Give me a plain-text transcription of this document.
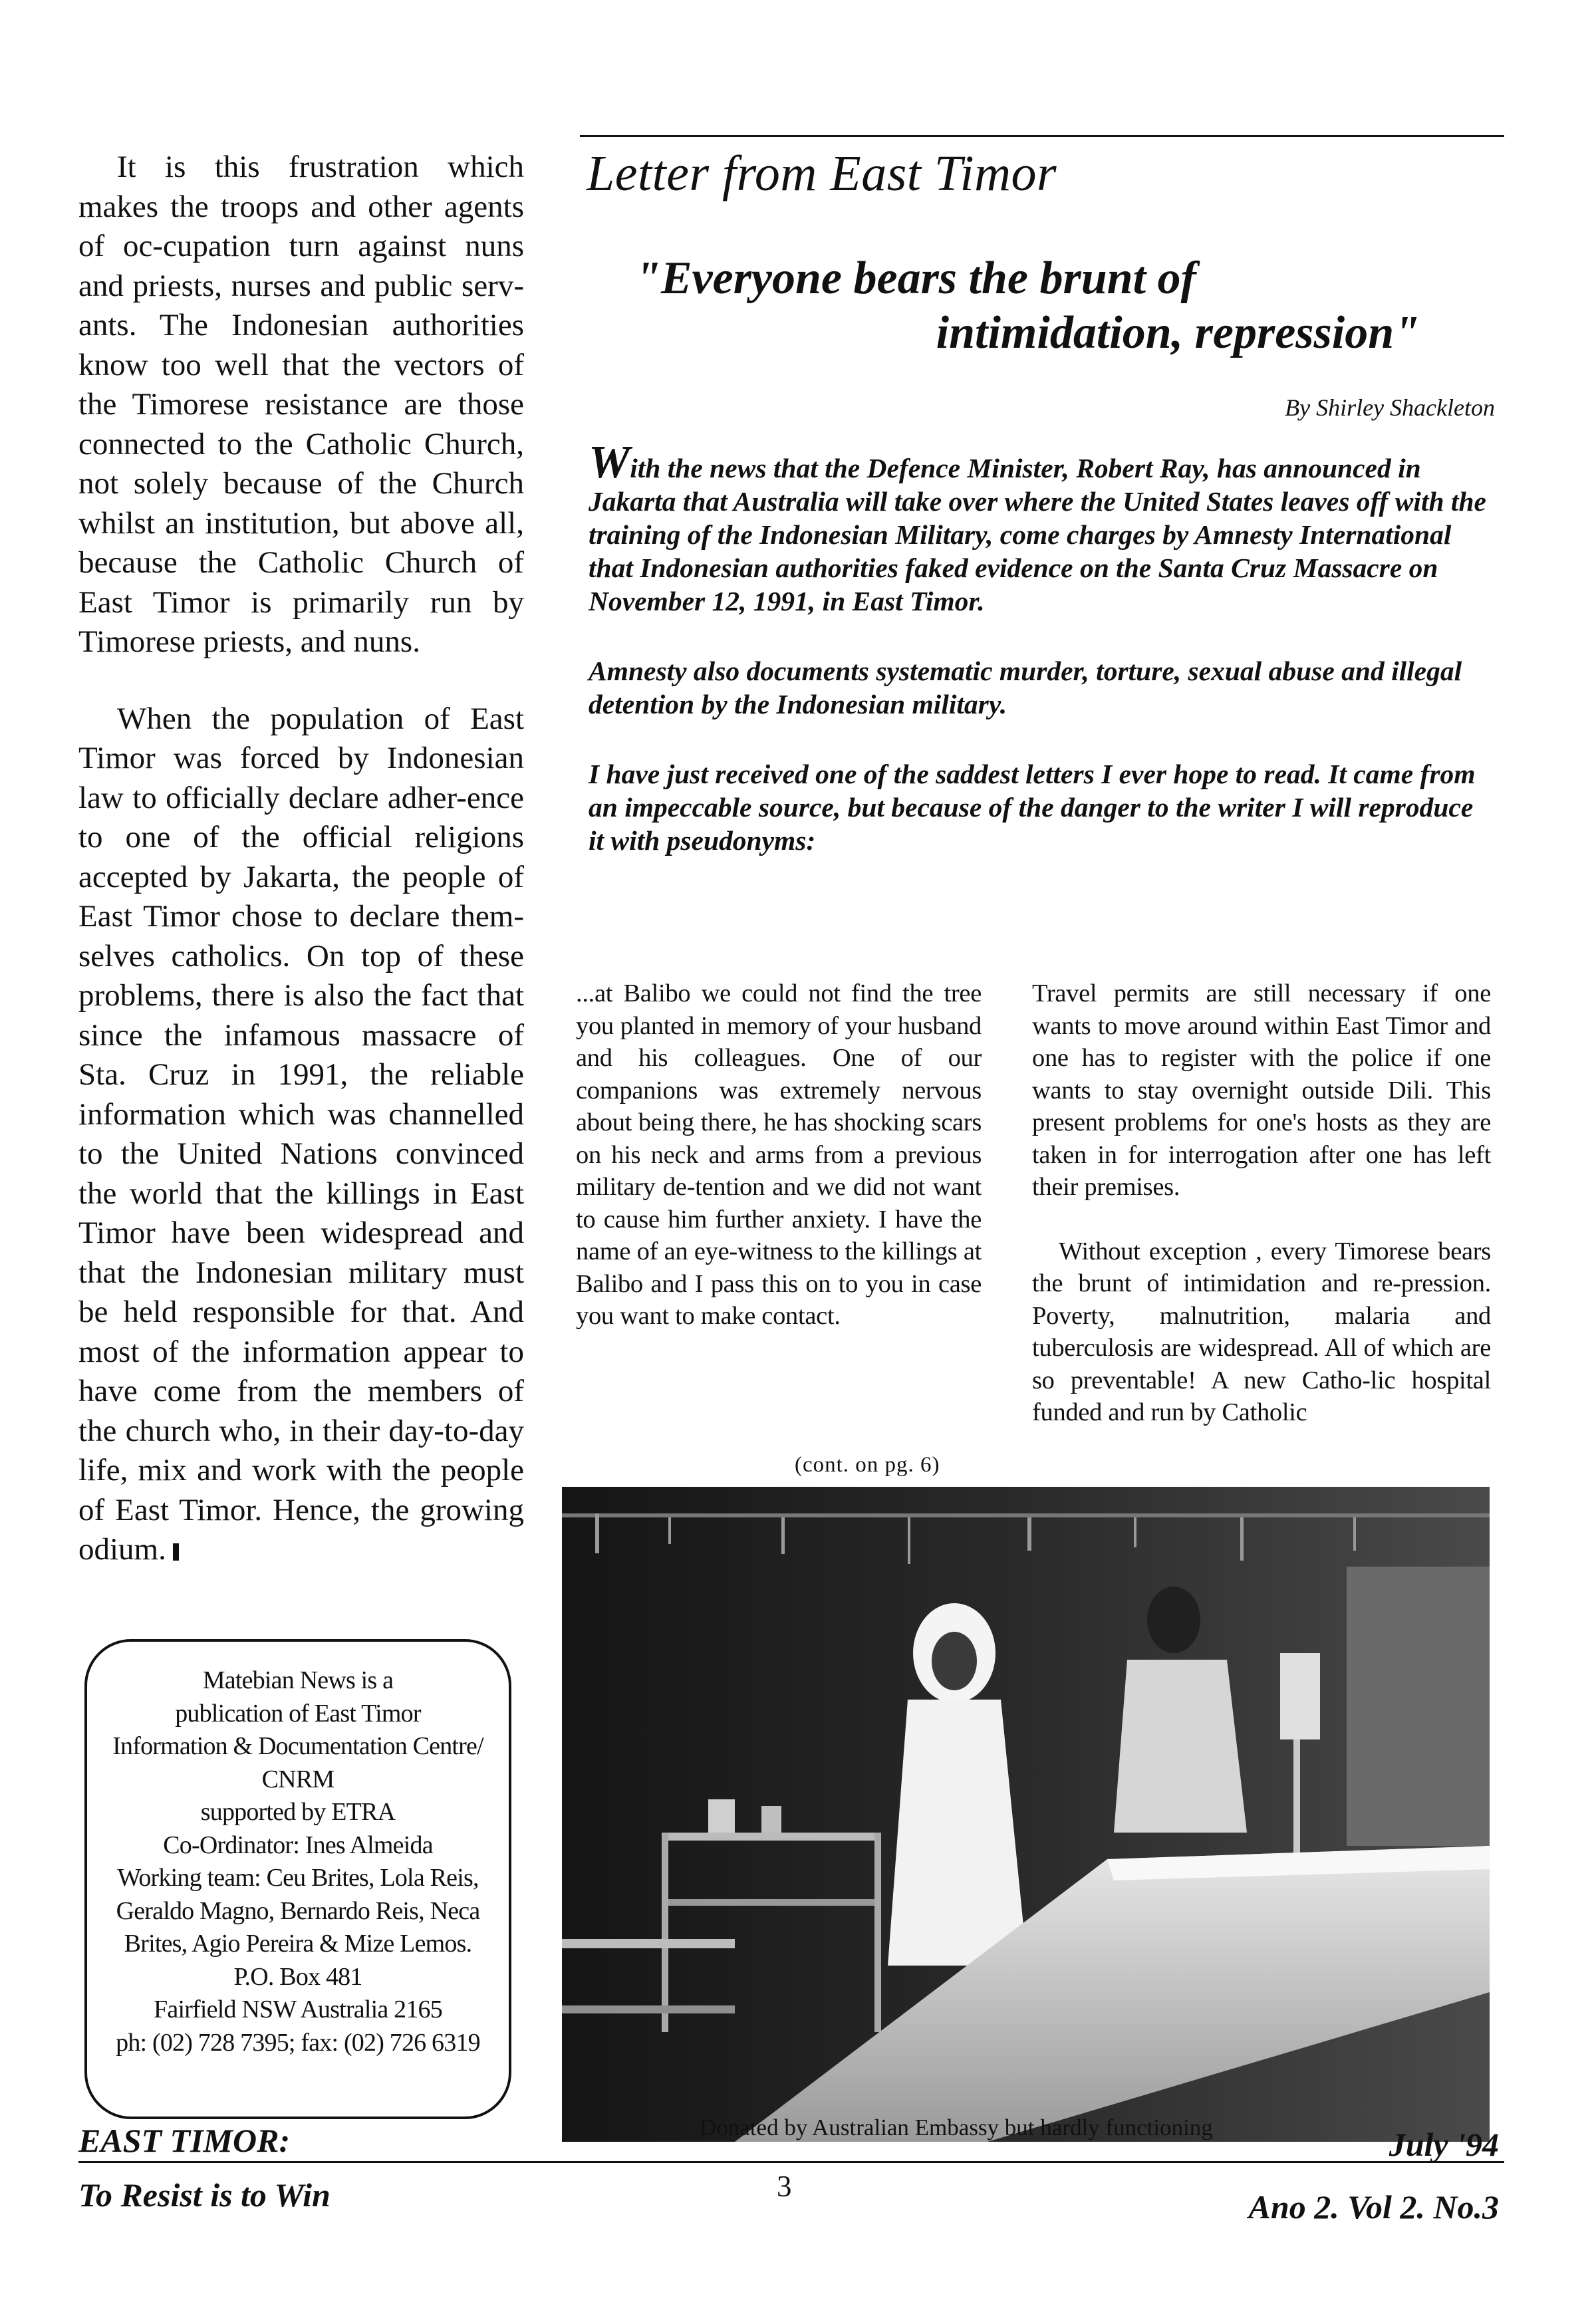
It is this frustration which makes the troops and other agents of oc-cupation turn against nuns and priests, nurses and public serv-ants. The Indonesian authorities know too well that the vectors of the Timorese resistance are those connected to the Catholic Church, not solely because of the Church whilst an institution, but above all, because the Catholic Church of East Timor is primarily run by Timorese priests, and nuns.

When the population of East Timor was forced by Indonesian law to officially declare adher-ence to one of the official religions accepted by Jakarta, the people of East Timor chose to declare them-selves catholics. On top of these problems, there is also the fact that since the infamous massacre of Sta. Cruz in 1991, the reliable information which was channelled to the United Nations convinced the world that the killings in East Timor have been widespread and that the Indonesian military must be held responsible for that. And most of the information appear to have come from the members of the church who, in their day-to-day life, mix and work with the people of East Timor. Hence, the growing odium.

Matebian News is a
publication of East Timor
Information & Documentation Centre/
CNRM
supported by ETRA
Co-Ordinator: Ines Almeida
Working team: Ceu Brites, Lola Reis,
Geraldo Magno, Bernardo Reis, Neca
Brites, Agio Pereira & Mize Lemos.
P.O. Box 481
Fairfield NSW Australia 2165
ph: (02) 728 7395; fax: (02) 726 6319
Letter from East Timor
"Everyone bears the brunt of
intimidation, repression"
By Shirley Shackleton

With the news that the Defence Minister, Robert Ray, has announced in Jakarta that Australia will take over where the United States leaves off with the training of the Indonesian Military, come charges by Amnesty International that Indonesian authorities faked evidence on the Santa Cruz Massacre on November 12, 1991, in East Timor.

Amnesty also documents systematic murder, torture, sexual abuse and illegal detention by the Indonesian military.

I have just received one of the saddest letters I ever hope to read. It came from an impeccable source, but because of the danger to the writer I will reproduce it with pseudonyms:

...at Balibo we could not find the tree you planted in memory of your husband and his colleagues. One of our companions was extremely nervous about being there, he has shocking scars on his neck and arms from a previous military de-tention and we did not want to cause him further anxiety. I have the name of an eye-witness to the killings at Balibo and I pass this on to you in case you want to make contact.

(cont. on pg. 6)

Travel permits are still necessary if one wants to move around within East Timor and one has to register with the police if one wants to stay overnight outside Dili. This present problems for one's hosts as they are taken in for interrogation after one has left their premises.

Without exception , every Timorese bears the brunt of intimidation and re-pression. Poverty, malnutrition, malaria and tuberculosis are widespread. All of which are so preventable! A new Catho-lic hospital funded and run by Catholic

Donated by Australian Embassy but hardly functioning
EAST TIMOR:
To Resist is to Win	3
July '94
Ano 2. Vol 2. No.3
